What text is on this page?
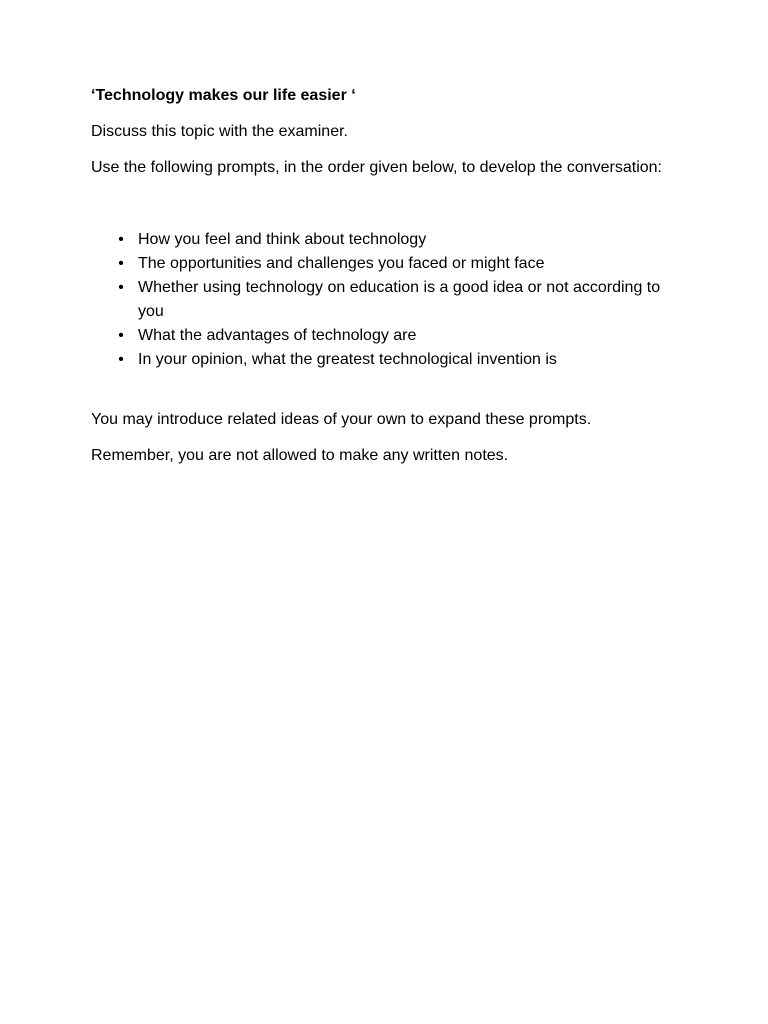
‘Technology makes our life easier ‘

Discuss this topic with the examiner.

Use the following prompts, in the order given below, to develop the conversation:

• How you feel and think about technology
• The opportunities and challenges you faced or might face
• Whether using technology on education is a good idea or not according to you
• What the advantages of technology are
• In your opinion, what the greatest technological invention is

You may introduce related ideas of your own to expand these prompts.

Remember, you are not allowed to make any written notes.
